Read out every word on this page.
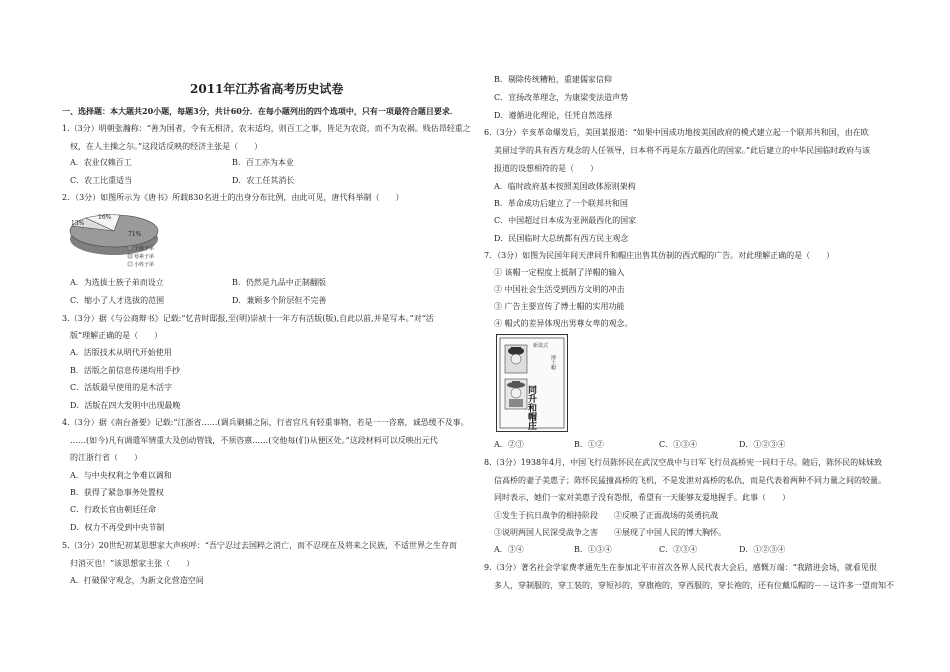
2011年江苏省高考历史试卷
一、选择题：本大题共20小题，每题3分，共计60分．在每小题列出的四个选项中，只有一项最符合题目要求．
1.（3分）明朝张瀚称：“善为国者，令有无相济，农末适均，则百工之事，皆足为农资，而不为农祸。贱估昂轻重之
权，在人主操之尔。”这段话反映的经济主张是（　　）
A．农业仅赖百工	B．百工亦为本业
C．农工比重适当	D．农工任其消长
2．（3分）如图所示为《唐书》所载830名进士的出身分布比例，由此可见，唐代科举制（　　）
13%
16%
71%
士族子弟
寒素子弟
小姓子弟
A．为选拔士族子弟而设立	B．仍然是九品中正制翻版
C．缩小了人才选拔的范围	D．兼顾多个阶层但不完善
3.（3分）据《与公商辩书》记载:“忆昔时邸报,至(明)崇祯十一年方有活版(版),自此以前,并是写本。”对“活
版”理解正确的是（　　）
A．活版技术从明代开始使用
B．活版之前信息传递均用手抄
C．活版最早使用的是木活字
D．活版在四大发明中出现最晚
4.（3分）据《南台备要》记载:“江浙省……(调兵剿捕之际，行省官凡有轻重事物，若是一一咨禀，诚恐缓不及事。
……(如今)凡有调遣军情重大及创动管钱，不须咨禀……(交他每(们)从便区处。”这段材料可以反映出元代
的江浙行省（　　）
A．与中央权利之争难以调和
B．获得了紧急事务处置权
C．行政长官由朝廷任命
D．权力不再受到中央节制
5.（3分）20世纪初某思想家大声疾呼：“吾宁忍过去国粹之消亡，而不忍现在及将来之民族，不适世界之生存而
归消灭也！”该思想家主张（　　）
A．打破保守观念，为新文化营造空间
B．剔除传统糟粕，重建儒家信仰
C．宣扬改革理念，为康梁变法造声势
D．遵循进化理论，任凭自然选择
6.（3分）辛亥革命爆发后，美国某报道：“如果中国成功地按美国政府的模式建立起一个联邦共和国，由在欧
美留过学的具有西方观念的人任领导，日本将不再是东方最西化的国家。”此后建立的中华民国临时政府与该
报道的设想相符的是（　　）
A．临时政府基本按照美国政体原则架构
B．革命成功后建立了一个联邦共和国
C．中国超过日本成为亚洲最西化的国家
D．民国临时大总统都有西方民主观念
7．（3分）如图为民国年间天津同升和帽庄出售其仿制的西式帽的广告。对此理解正确的是（　　）
① 该帽一定程度上抵制了洋帽的输入
② 中国社会生活受到西方文明的冲击
③ 广告主要宣传了博士帽的实用功能
④ 帽式的差异体现出男尊女卑的观念。
新款式
同升和帽庄
博士帽
A．②③	B．①②	C．①③④	D．①②③④
8.（3分）1938年4月，中国飞行员陈怀民在武汉空战中与日军飞行员高桥宪一同归于尽。随后，陈怀民的妹妹致
信高桥的妻子美惠子；陈怀民猛撞高桥的飞机，不是发泄对高桥的私仇，而是代表着两种不同力量之间的较量。
同时表示，她们一家对美惠子没有怨恨，希望有一天能够友爱地握手。此事（　　）
①发生于抗日战争的相持阶段　　②反映了正面战场的英勇抗战
③说明两国人民深受战争之害　　④展现了中国人民的博大胸怀。
A．③④	B．①③④	C．②③④	D．①②③④
9.（3分）著名社会学家费孝通先生在参加北平市首次各界人民代表大会后，感慨万端：“我踏进会场，就看见很
多人，穿制服的，穿工装的，穿短衫的，穿旗袍的，穿西服的，穿长袍的，还有位戴瓜帽的－－这许多一望而知不
